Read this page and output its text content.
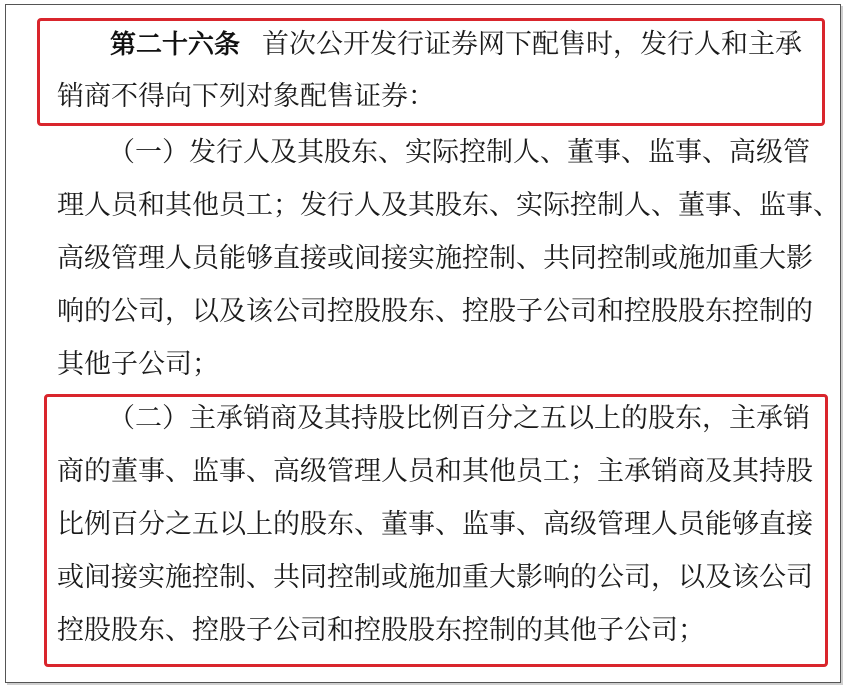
第二十六条 首次公开发行证券网下配售时，发行人和主承
销商不得向下列对象配售证券：
（一）发行人及其股东、实际控制人、董事、监事、高级管
理人员和其他员工；发行人及其股东、实际控制人、董事、监事、
高级管理人员能够直接或间接实施控制、共同控制或施加重大影
响的公司，以及该公司控股股东、控股子公司和控股股东控制的
其他子公司；
（二）主承销商及其持股比例百分之五以上的股东，主承销
商的董事、监事、高级管理人员和其他员工；主承销商及其持股
比例百分之五以上的股东、董事、监事、高级管理人员能够直接
或间接实施控制、共同控制或施加重大影响的公司，以及该公司
控股股东、控股子公司和控股股东控制的其他子公司；
